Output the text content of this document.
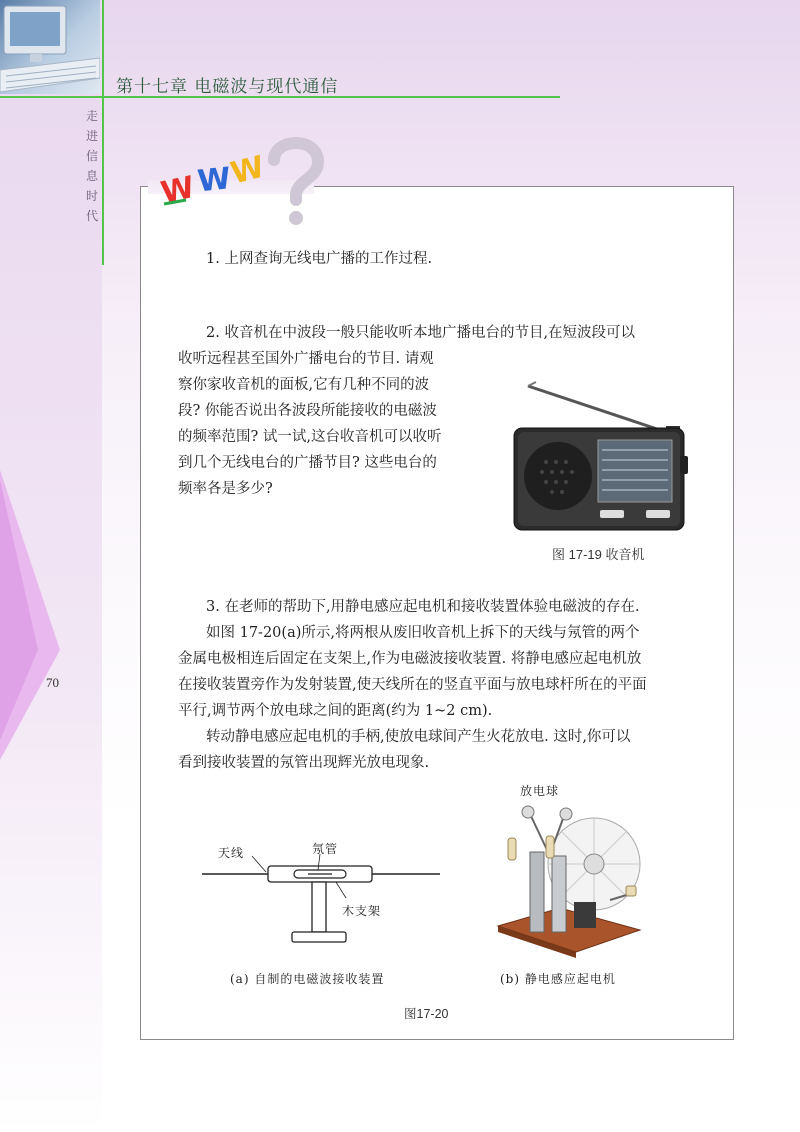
第十七章 电磁波与现代通信
走
进
信
息
时
代
70
W
W
W
1. 上网查询无线电广播的工作过程.
2. 收音机在中波段一般只能收听本地广播电台的节目,在短波段可以
收听远程甚至国外广播电台的节目. 请观
察你家收音机的面板,它有几种不同的波
段? 你能否说出各波段所能接收的电磁波
的频率范围? 试一试,这台收音机可以收听
到几个无线电台的广播节目? 这些电台的
频率各是多少?
图 17-19 收音机
3. 在老师的帮助下,用静电感应起电机和接收装置体验电磁波的存在.
如图 17-20(a)所示,将两根从废旧收音机上拆下的天线与氖管的两个
金属电极相连后固定在支架上,作为电磁波接收装置. 将静电感应起电机放
在接收装置旁作为发射装置,使天线所在的竖直平面与放电球杆所在的平面
平行,调节两个放电球之间的距离(约为 1~2 cm).
转动静电感应起电机的手柄,使放电球间产生火花放电. 这时,你可以
看到接收装置的氖管出现辉光放电现象.
天线	氖管
木支架
(a) 自制的电磁波接收装置
放电球
(b) 静电感应起电机
图17-20
